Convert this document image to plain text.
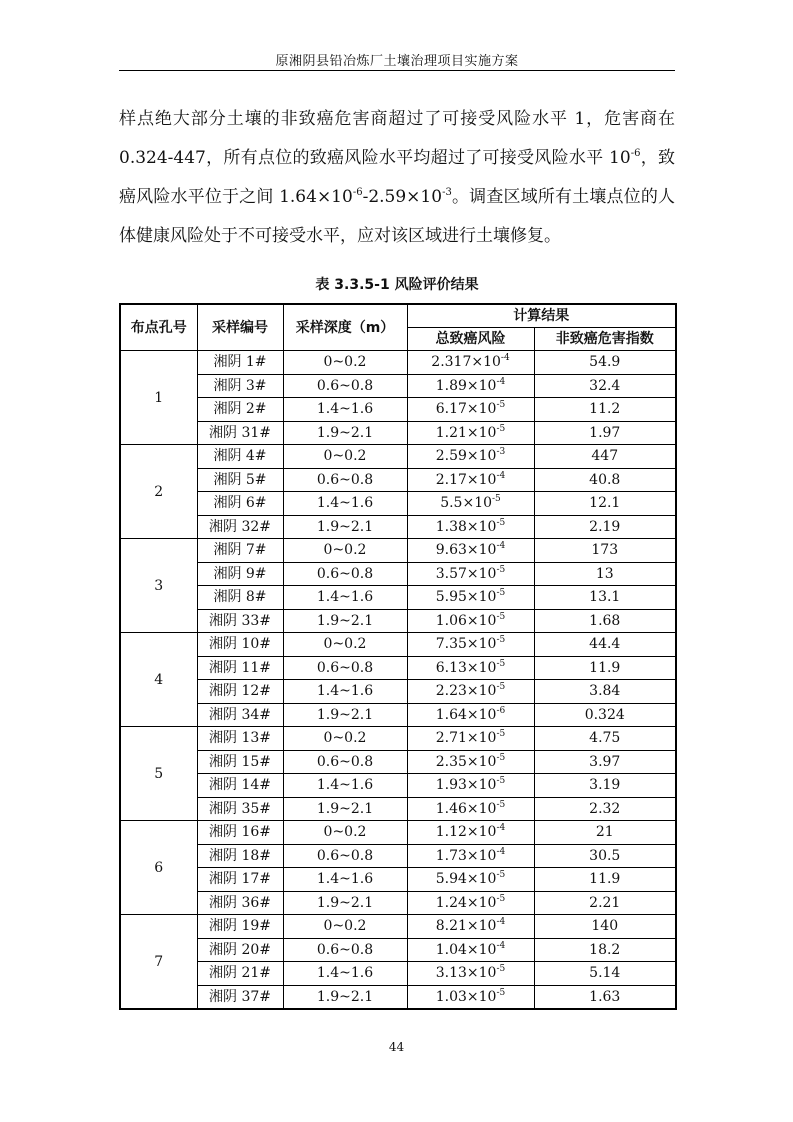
原湘阴县铅冶炼厂土壤治理项目实施方案

样点绝大部分土壤的非致癌危害商超过了可接受风险水平 1，危害商在 0.324-447，所有点位的致癌风险水平均超过了可接受风险水平 $10^{-6}$，致癌风险水平位于之间 $1.64\times 10^{-6}-2.59\times 10^{-3}$。调查区域所有土壤点位的人体健康风险处于不可接受水平，应对该区域进行土壤修复。

表 3.3.5-1 风险评价结果
布点孔号	采样编号	采样深度（m）	计算结果	
			总致癌风险	非致癌危害指数
1	湘阴 1#	0~0.2	$2.317\times 10^{-4}$	54.9
	湘阴 3#	0.6~0.8	$1.89\times 10^{-4}$	32.4
	湘阴 2#	1.4~1.6	$6.17\times 10^{-5}$	11.2
	湘阴 31#	1.9~2.1	$1.21\times 10^{-5}$	1.97
2	湘阴 4#	0~0.2	$2.59\times 10^{-3}$	447
	湘阴 5#	0.6~0.8	$2.17\times 10^{-4}$	40.8
	湘阴 6#	1.4~1.6	$5.5\times 10^{-5}$	12.1
	湘阴 32#	1.9~2.1	$1.38\times 10^{-5}$	2.19
3	湘阴 7#	0~0.2	$9.63\times 10^{-4}$	173
	湘阴 9#	0.6~0.8	$3.57\times 10^{-5}$	13
	湘阴 8#	1.4~1.6	$5.95\times 10^{-5}$	13.1
	湘阴 33#	1.9~2.1	$1.06\times 10^{-5}$	1.68
4	湘阴 10#	0~0.2	$7.35\times 10^{-5}$	44.4
	湘阴 11#	0.6~0.8	$6.13\times 10^{-5}$	11.9
	湘阴 12#	1.4~1.6	$2.23\times 10^{-5}$	3.84
	湘阴 34#	1.9~2.1	$1.64\times 10^{-6}$	0.324
5	湘阴 13#	0~0.2	$2.71\times 10^{-5}$	4.75
	湘阴 15#	0.6~0.8	$2.35\times 10^{-5}$	3.97
	湘阴 14#	1.4~1.6	$1.93\times 10^{-5}$	3.19
	湘阴 35#	1.9~2.1	$1.46\times 10^{-5}$	2.32
6	湘阴 16#	0~0.2	$1.12\times 10^{-4}$	21
	湘阴 18#	0.6~0.8	$1.73\times 10^{-4}$	30.5
	湘阴 17#	1.4~1.6	$5.94\times 10^{-5}$	11.9
	湘阴 36#	1.9~2.1	$1.24\times 10^{-5}$	2.21
7	湘阴 19#	0~0.2	$8.21\times 10^{-4}$	140
	湘阴 20#	0.6~0.8	$1.04\times 10^{-4}$	18.2
	湘阴 21#	1.4~1.6	$3.13\times 10^{-5}$	5.14
	湘阴 37#	1.9~2.1	$1.03\times 10^{-5}$	1.63
44
